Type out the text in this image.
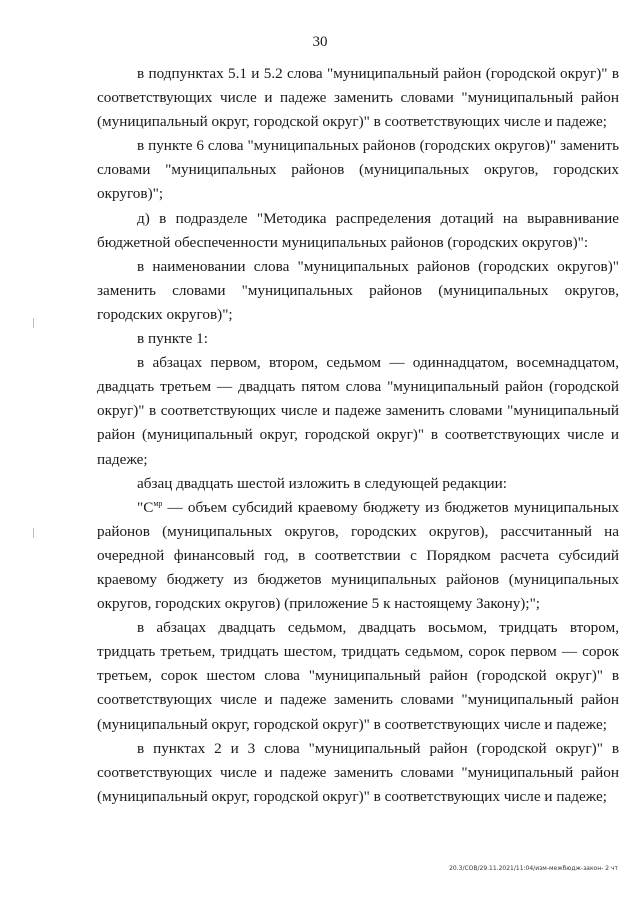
30

в подпунктах 5.1 и 5.2 слова "муниципальный район (городской округ)" в соответствующих числе и падеже заменить словами "муниципальный район (муниципальный округ, городской округ)" в соответствующих числе и падеже;

в пункте 6 слова "муниципальных районов (городских округов)" заменить словами "муниципальных районов (муниципальных округов, городских округов)";

д) в подразделе "Методика распределения дотаций на выравнивание бюджетной обеспеченности муниципальных районов (городских округов)":

в наименовании слова "муниципальных районов (городских округов)" заменить словами "муниципальных районов (муниципальных округов, городских округов)";

в пункте 1:

в абзацах первом, втором, седьмом — одиннадцатом, восемнадцатом, двадцать третьем — двадцать пятом слова "муниципальный район (городской округ)" в соответствующих числе и падеже заменить словами "муниципальный район (муниципальный округ, городской округ)" в соответствующих числе и падеже;

абзац двадцать шестой изложить в следующей редакции:

"$С^{мр}$ — объем субсидий краевому бюджету из бюджетов муниципальных районов (муниципальных округов, городских округов), рассчитанный на очередной финансовый год, в соответствии с Порядком расчета субсидий краевому бюджету из бюджетов муниципальных районов (муниципальных округов, городских округов) (приложение 5 к настоящему Закону);";

в абзацах двадцать седьмом, двадцать восьмом, тридцать втором, тридцать третьем, тридцать шестом, тридцать седьмом, сорок первом — сорок третьем, сорок шестом слова "муниципальный район (городской округ)" в соответствующих числе и падеже заменить словами "муниципальный район (муниципальный округ, городской округ)" в соответствующих числе и падеже;

в пунктах 2 и 3 слова "муниципальный район (городской округ)" в соответствующих числе и падеже заменить словами "муниципальный район (муниципальный округ, городской округ)" в соответствующих числе и падеже;

20.3/СОВ/29.11.2021/11:04/изм-межбюдж-закон- 2 чт
